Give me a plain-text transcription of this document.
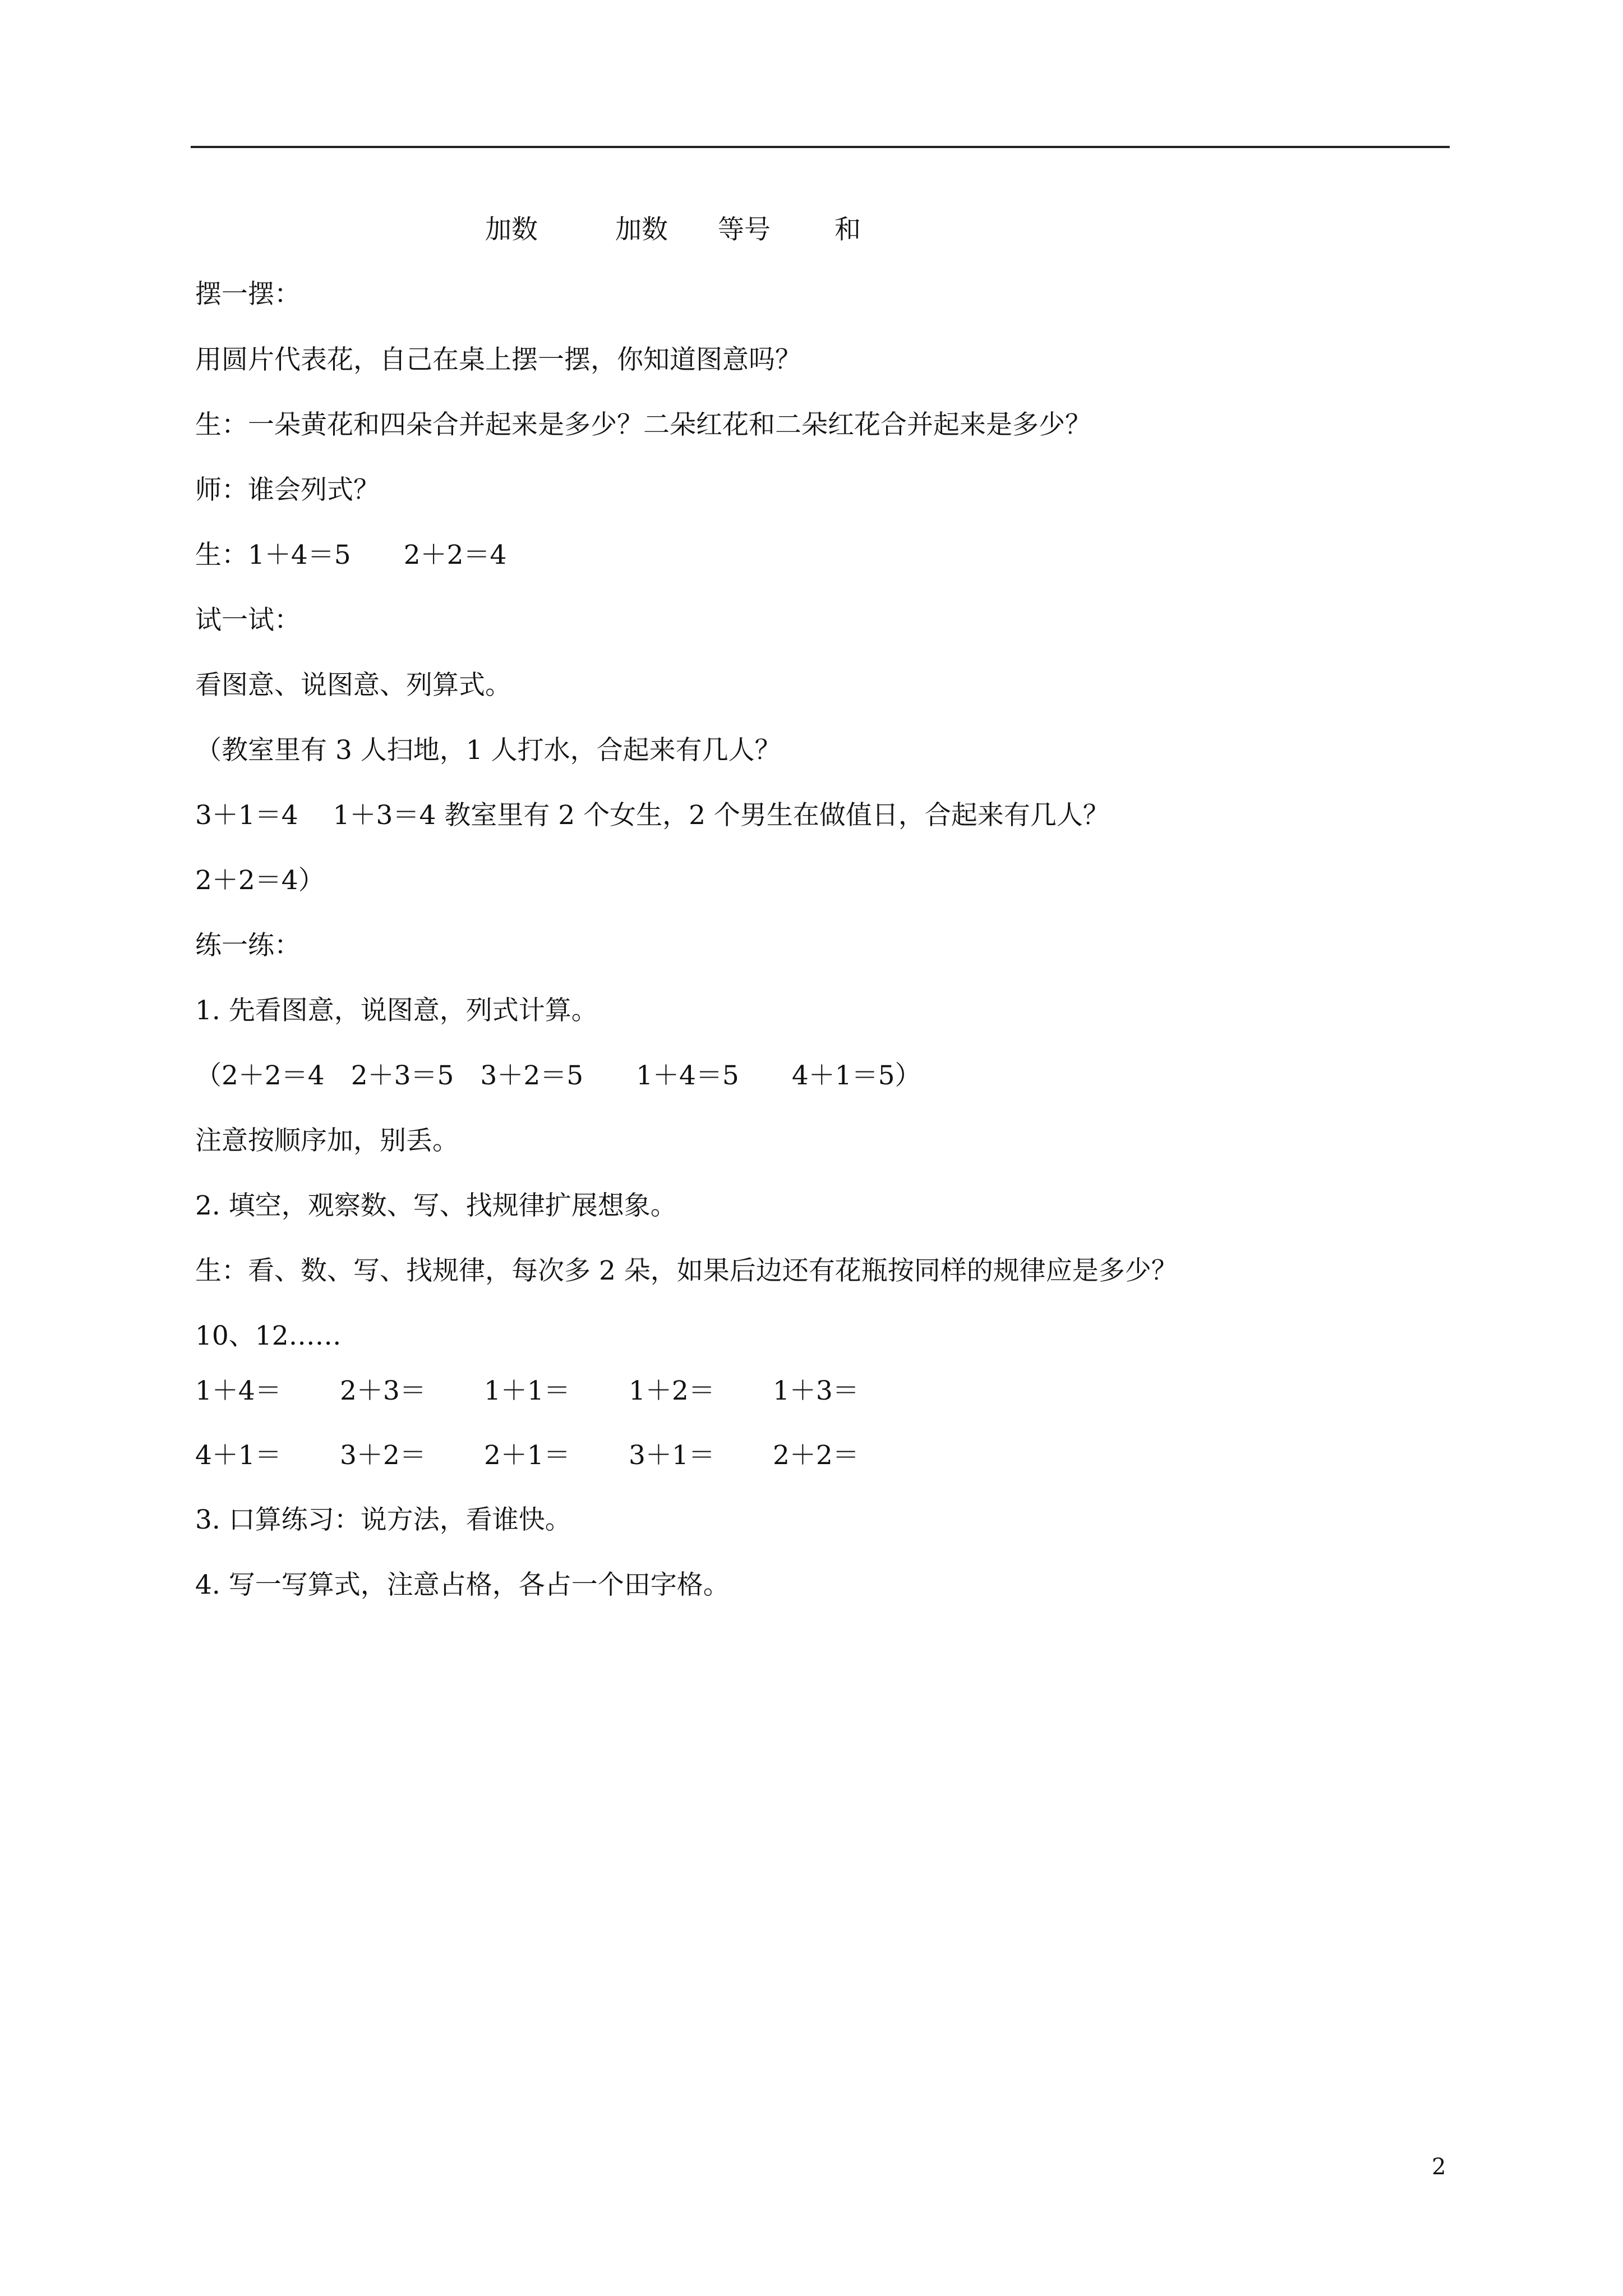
加数	加数 等号 和
摆一摆：
用圆片代表花，自己在桌上摆一摆，你知道图意吗？
生：一朵黄花和四朵合并起来是多少？二朵红花和二朵红花合并起来是多少？
师：谁会列式？
生：1＋4＝5　　2＋2＝4
试一试：
看图意、说图意、列算式。
（教室里有 3 人扫地，1 人打水，合起来有几人？
3＋1＝4　 1＋3＝4 教室里有 2 个女生，2 个男生在做值日，合起来有几人？
2＋2＝4）
练一练：
1. 先看图意，说图意，列式计算。
（2＋2＝4　2＋3＝5　3＋2＝5　　1＋4＝5　　4＋1＝5）
注意按顺序加，别丢。
2. 填空，观察数、写、找规律扩展想象。
生：看、数、写、找规律，每次多 2 朵，如果后边还有花瓶按同样的规律应是多少？
10、12……
1＋4＝ 2＋3＝ 1＋1＝ 1＋2＝ 1＋3＝
4＋1＝ 3＋2＝ 2＋1＝ 3＋1＝ 2＋2＝
3. 口算练习：说方法，看谁快。
4. 写一写算式，注意占格，各占一个田字格。
2
